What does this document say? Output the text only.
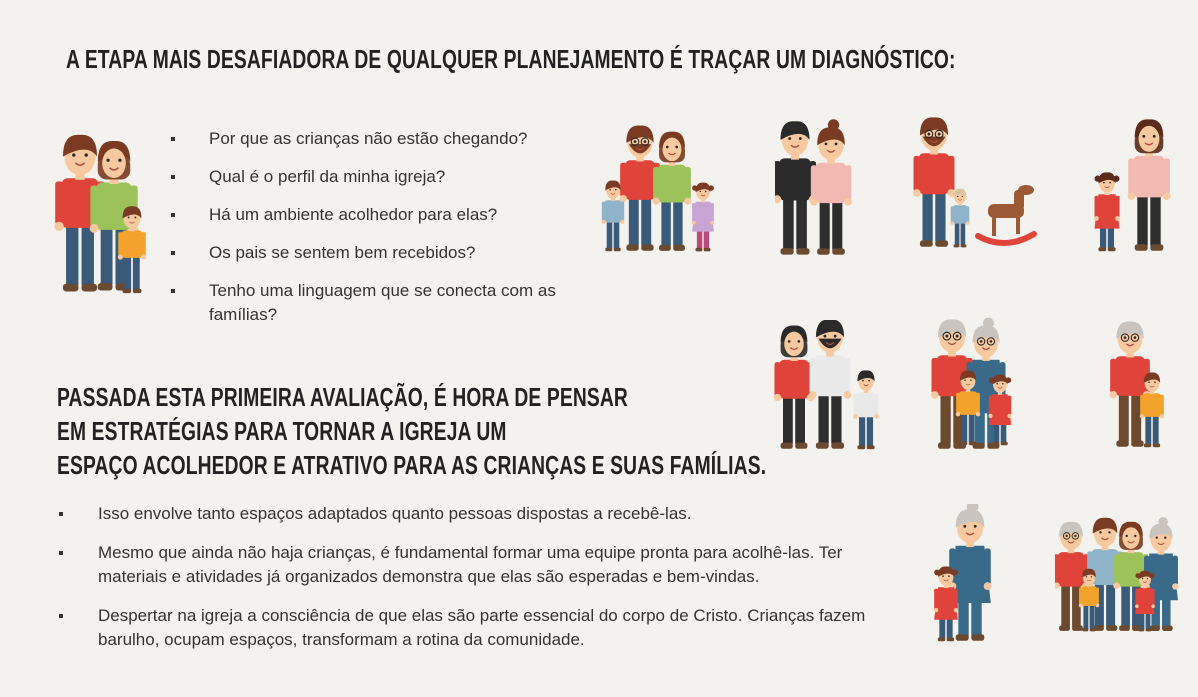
A ETAPA MAIS DESAFIADORA DE QUALQUER PLANEJAMENTO É TRAÇAR UM DIAGNÓSTICO:
Por que as crianças não estão chegando?
Qual é o perfil da minha igreja?
Há um ambiente acolhedor para elas?
Os pais se sentem bem recebidos?
Tenho uma linguagem que se conecta com as famílias?
PASSADA ESTA PRIMEIRA AVALIAÇÃO, É HORA DE PENSAR
EM ESTRATÉGIAS PARA TORNAR A IGREJA UM
ESPAÇO ACOLHEDOR E ATRATIVO PARA AS CRIANÇAS E SUAS FAMÍLIAS.
Isso envolve tanto espaços adaptados quanto pessoas dispostas a recebê-las.
Mesmo que ainda não haja crianças, é fundamental formar uma equipe pronta para acolhê-las. Ter materiais e atividades já organizados demonstra que elas são esperadas e bem-vindas.
Despertar na igreja a consciência de que elas são parte essencial do corpo de Cristo. Crianças fazem barulho, ocupam espaços, transformam a rotina da comunidade.
